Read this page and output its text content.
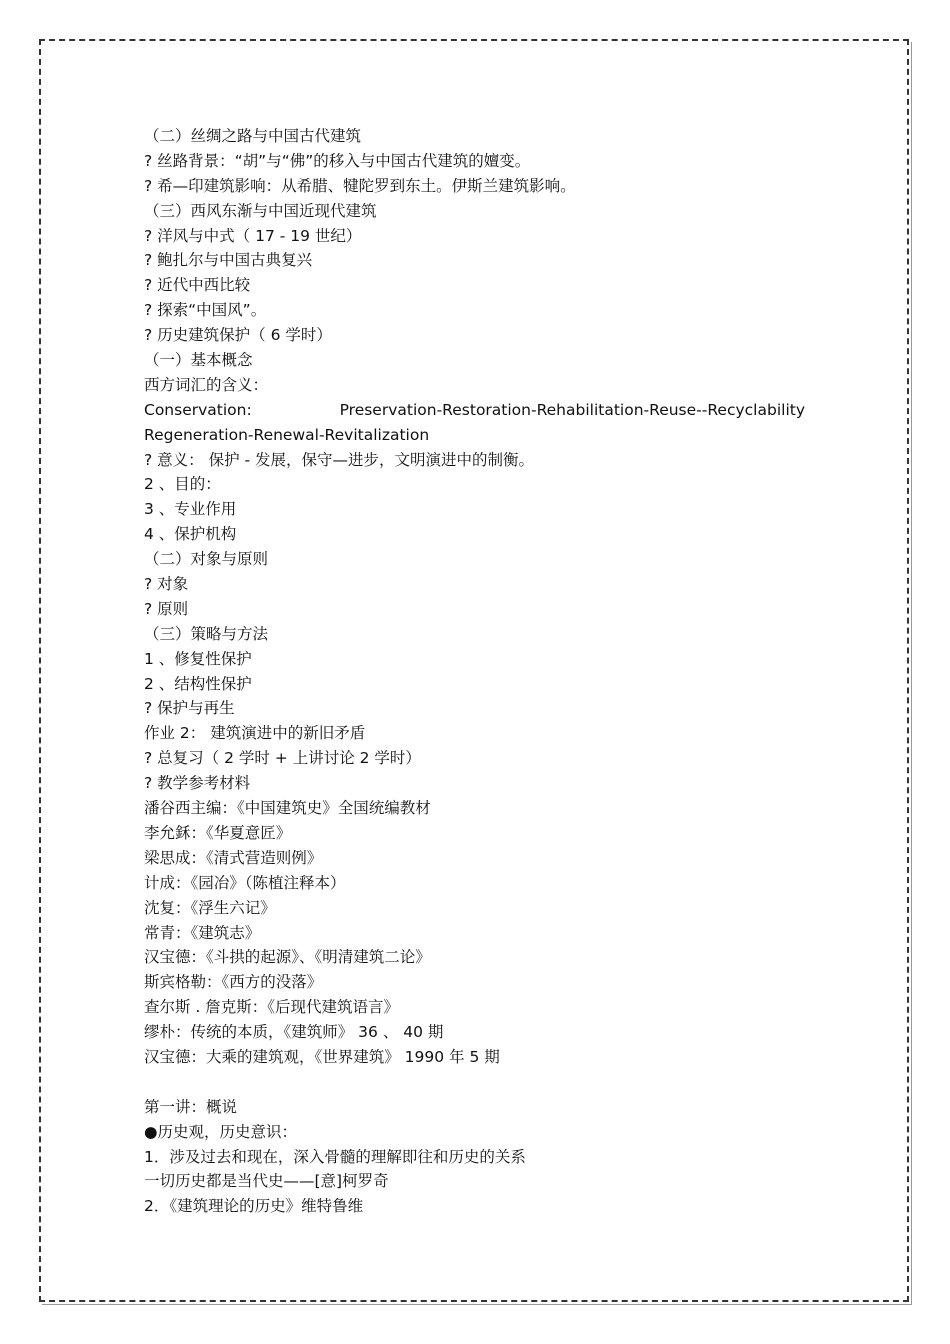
（二）丝绸之路与中国古代建筑
? 丝路背景：“胡”与“佛”的移入与中国古代建筑的嬗变。
? 希—印建筑影响：从希腊、犍陀罗到东土。伊斯兰建筑影响。
（三）西风东渐与中国近现代建筑
? 洋风与中式（ 17 - 19 世纪）
? 鲍扎尔与中国古典复兴
? 近代中西比较
? 探索“中国风”。
? 历史建筑保护（ 6 学时）
（一）基本概念
西方词汇的含义：
Conservation:	Preservation-Restoration-Rehabilitation-Reuse--Recyclability
Regeneration-Renewal-Revitalization
? 意义： 保护 - 发展，保守—进步，文明演进中的制衡。
2 、目的：
3 、专业作用
4 、保护机构
（二）对象与原则
? 对象
? 原则
（三）策略与方法
1 、修复性保护
2 、结构性保护
? 保护与再生
作业 2： 建筑演进中的新旧矛盾
? 总复习（ 2 学时 + 上讲讨论 2 学时）
? 教学参考材料
潘谷西主编：《中国建筑史》全国统编教材
李允鉌：《华夏意匠》
梁思成：《清式营造则例》
计成：《园冶》（陈植注释本）
沈复：《浮生六记》
常青：《建筑志》
汉宝德：《斗拱的起源》、《明清建筑二论》
斯宾格勒：《西方的没落》
查尔斯 . 詹克斯：《后现代建筑语言》
缪朴：传统的本质，《建筑师》 36 、 40 期
汉宝德：大乘的建筑观，《世界建筑》 1990 年 5 期
第一讲：概说
●历史观，历史意识：
1．涉及过去和现在，深入骨髓的理解即往和历史的关系
一切历史都是当代史——[意]柯罗奇
2．《建筑理论的历史》维特鲁维
